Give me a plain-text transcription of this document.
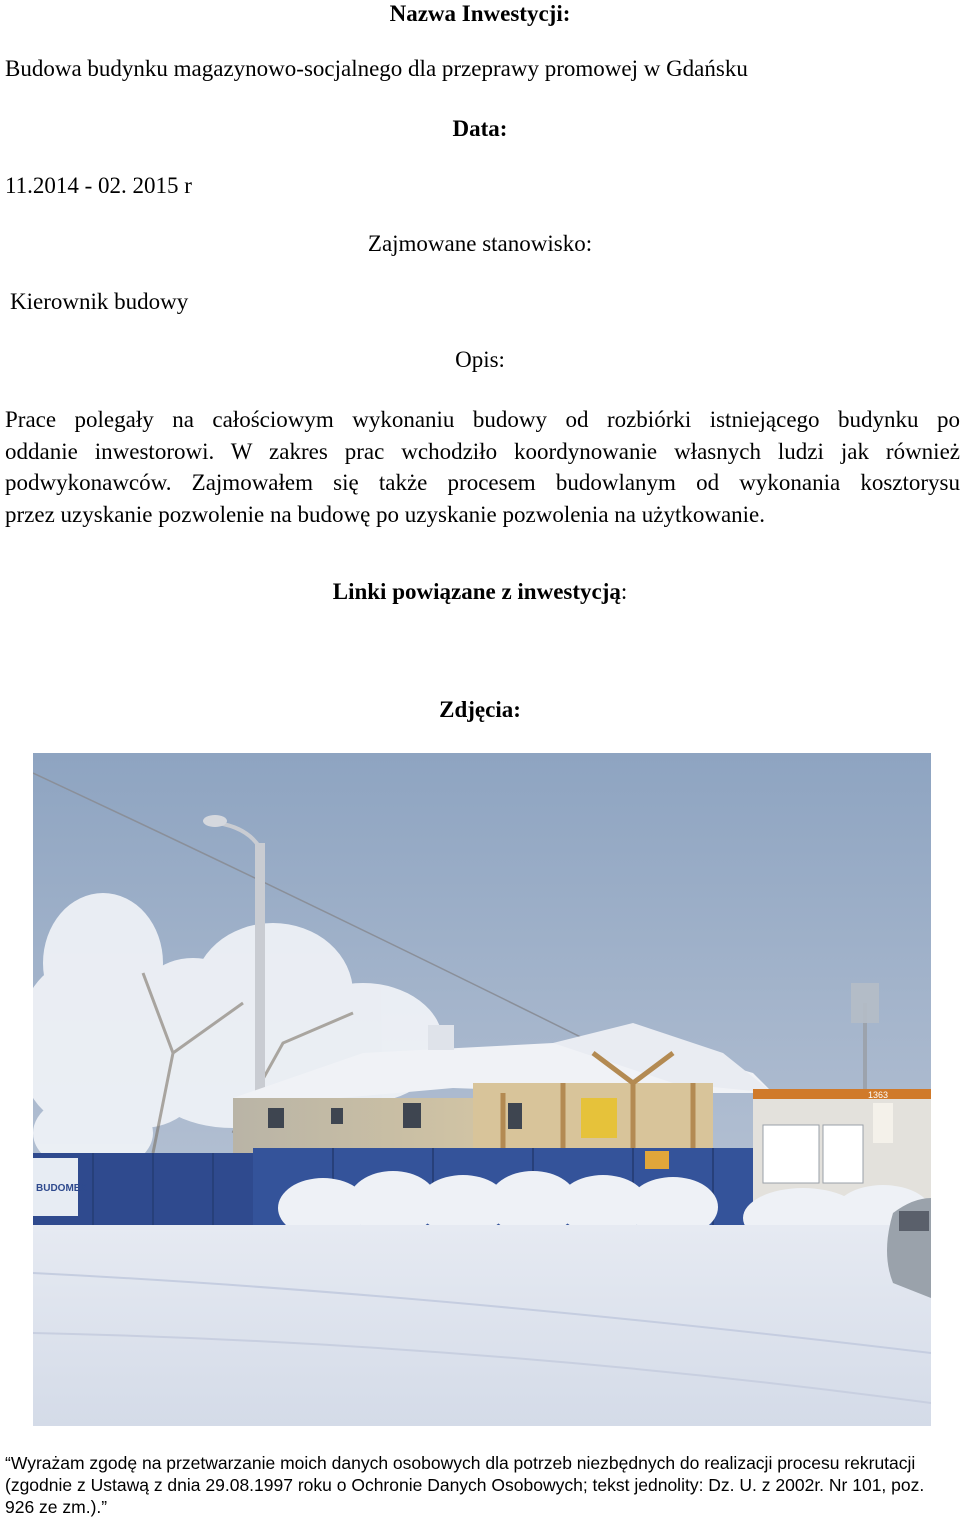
Nazwa Inwestycji:

Budowa budynku magazynowo-socjalnego dla przeprawy promowej w Gdańsku

Data:

11.2014 - 02. 2015 r

Zajmowane stanowisko:

Kierownik budowy

Opis:
Prace polegały na całościowym wykonaniu budowy od rozbiórki istniejącego budynku po
oddanie inwestorowi. W zakres prac wchodziło koordynowanie własnych ludzi jak również
podwykonawców. Zajmowałem się także procesem budowlanym od wykonania kosztorysu
przez uzyskanie pozwolenie na budowę po uzyskanie pozwolenia na użytkowanie.

Linki powiązane z inwestycją:

Zdjęcia:
1363
BUDOMEX

“Wyrażam zgodę na przetwarzanie moich danych osobowych dla potrzeb niezbędnych do realizacji procesu rekrutacji (zgodnie z Ustawą z dnia 29.08.1997 roku o Ochronie Danych Osobowych; tekst jednolity: Dz. U. z 2002r. Nr 101, poz. 926 ze zm.).”
